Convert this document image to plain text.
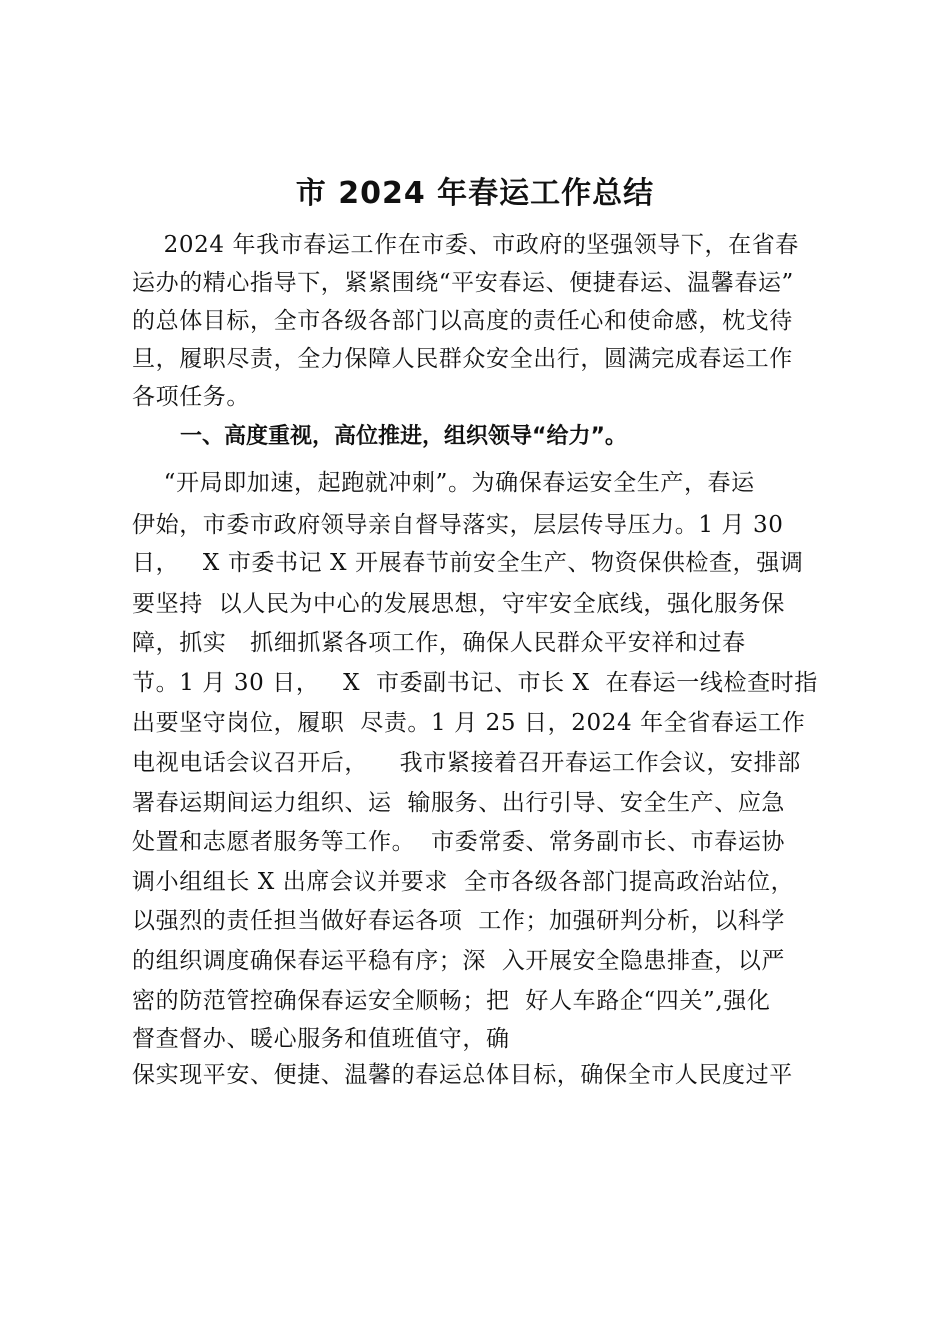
市 2024 年春运工作总结
2024 年我市春运工作在市委、市政府的坚强领导下，在省春
运办的精心指导下，紧紧围绕“平安春运、便捷春运、温馨春运”
的总体目标，全市各级各部门以高度的责任心和使命感，枕戈待
旦，履职尽责，全力保障人民群众安全出行，圆满完成春运工作
各项任务。
一、高度重视，高位推进，组织领导“给力”。
“开局即加速，起跑就冲刺”。为确保春运安全生产，春运
伊始，市委市政府领导亲自督导落实，层层传导压力。1 月 30
日，   X 市委书记 X 开展春节前安全生产、物资保供检查，强调
要坚持  以人民为中心的发展思想，守牢安全底线，强化服务保
障，抓实   抓细抓紧各项工作，确保人民群众平安祥和过春
节。1 月 30 日，   X  市委副书记、市长 X  在春运一线检查时指
出要坚守岗位，履职  尽责。1 月 25 日，2024 年全省春运工作
电视电话会议召开后，    我市紧接着召开春运工作会议，安排部
署春运期间运力组织、运  输服务、出行引导、安全生产、应急
处置和志愿者服务等工作。  市委常委、常务副市长、市春运协
调小组组长 X 出席会议并要求  全市各级各部门提高政治站位，
以强烈的责任担当做好春运各项  工作；加强研判分析，以科学
的组织调度确保春运平稳有序；深  入开展安全隐患排查，以严
密的防范管控确保春运安全顺畅；把  好人车路企“四关”,强化
督查督办、暖心服务和值班值守，确
保实现平安、便捷、温馨的春运总体目标，确保全市人民度过平
